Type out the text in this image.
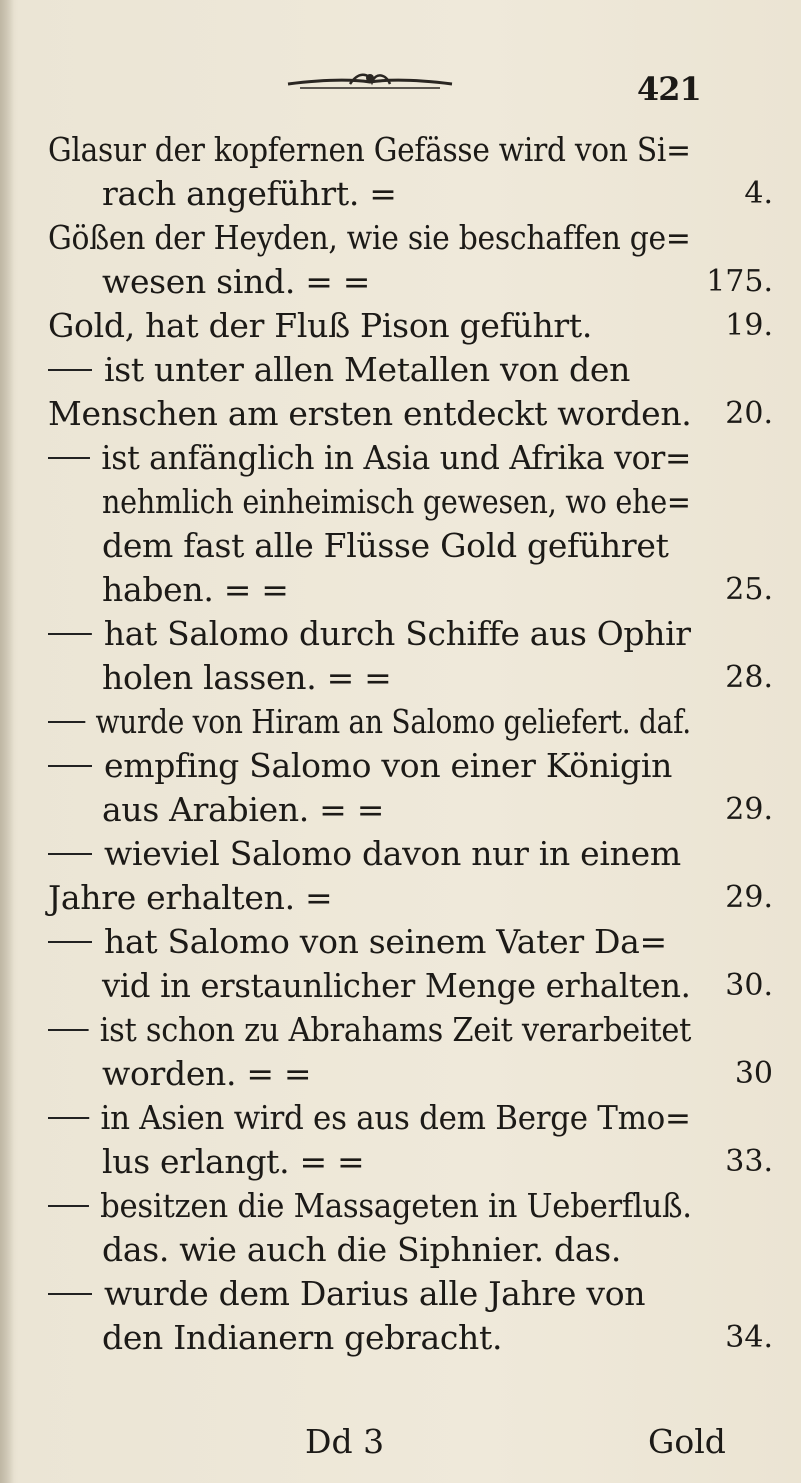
421
Glasur der kopfernen Gefässe wird von Si=
rach angeführt. =	4.
Gößen der Heyden, wie sie beschaffen ge=
wesen sind. = =	175.
Gold, hat der Fluß Pison geführt.	19.
ist unter allen Metallen von den
Menschen am ersten entdeckt worden. 20.
ist anfänglich in Asia und Afrika vor=
nehmlich einheimisch gewesen, wo ehe=
dem fast alle Flüsse Gold geführet
haben. = =	25.
hat Salomo durch Schiffe aus Ophir
holen lassen. = =	28.
wurde von Hiram an Salomo geliefert. daf.
empfing Salomo von einer Königin
aus Arabien. = =	29.
wieviel Salomo davon nur in einem
Jahre erhalten. =	29.
hat Salomo von seinem Vater Da=
vid in erstaunlicher Menge erhalten. 30.
ist schon zu Abrahams Zeit verarbeitet
worden. = =	30
in Asien wird es aus dem Berge Tmo=
lus erlangt. = =	33.
besitzen die Massageten in Ueberfluß.
das. wie auch die Siphnier. das.
wurde dem Darius alle Jahre von
den Indianern gebracht.	34.
Dd 3	Gold
